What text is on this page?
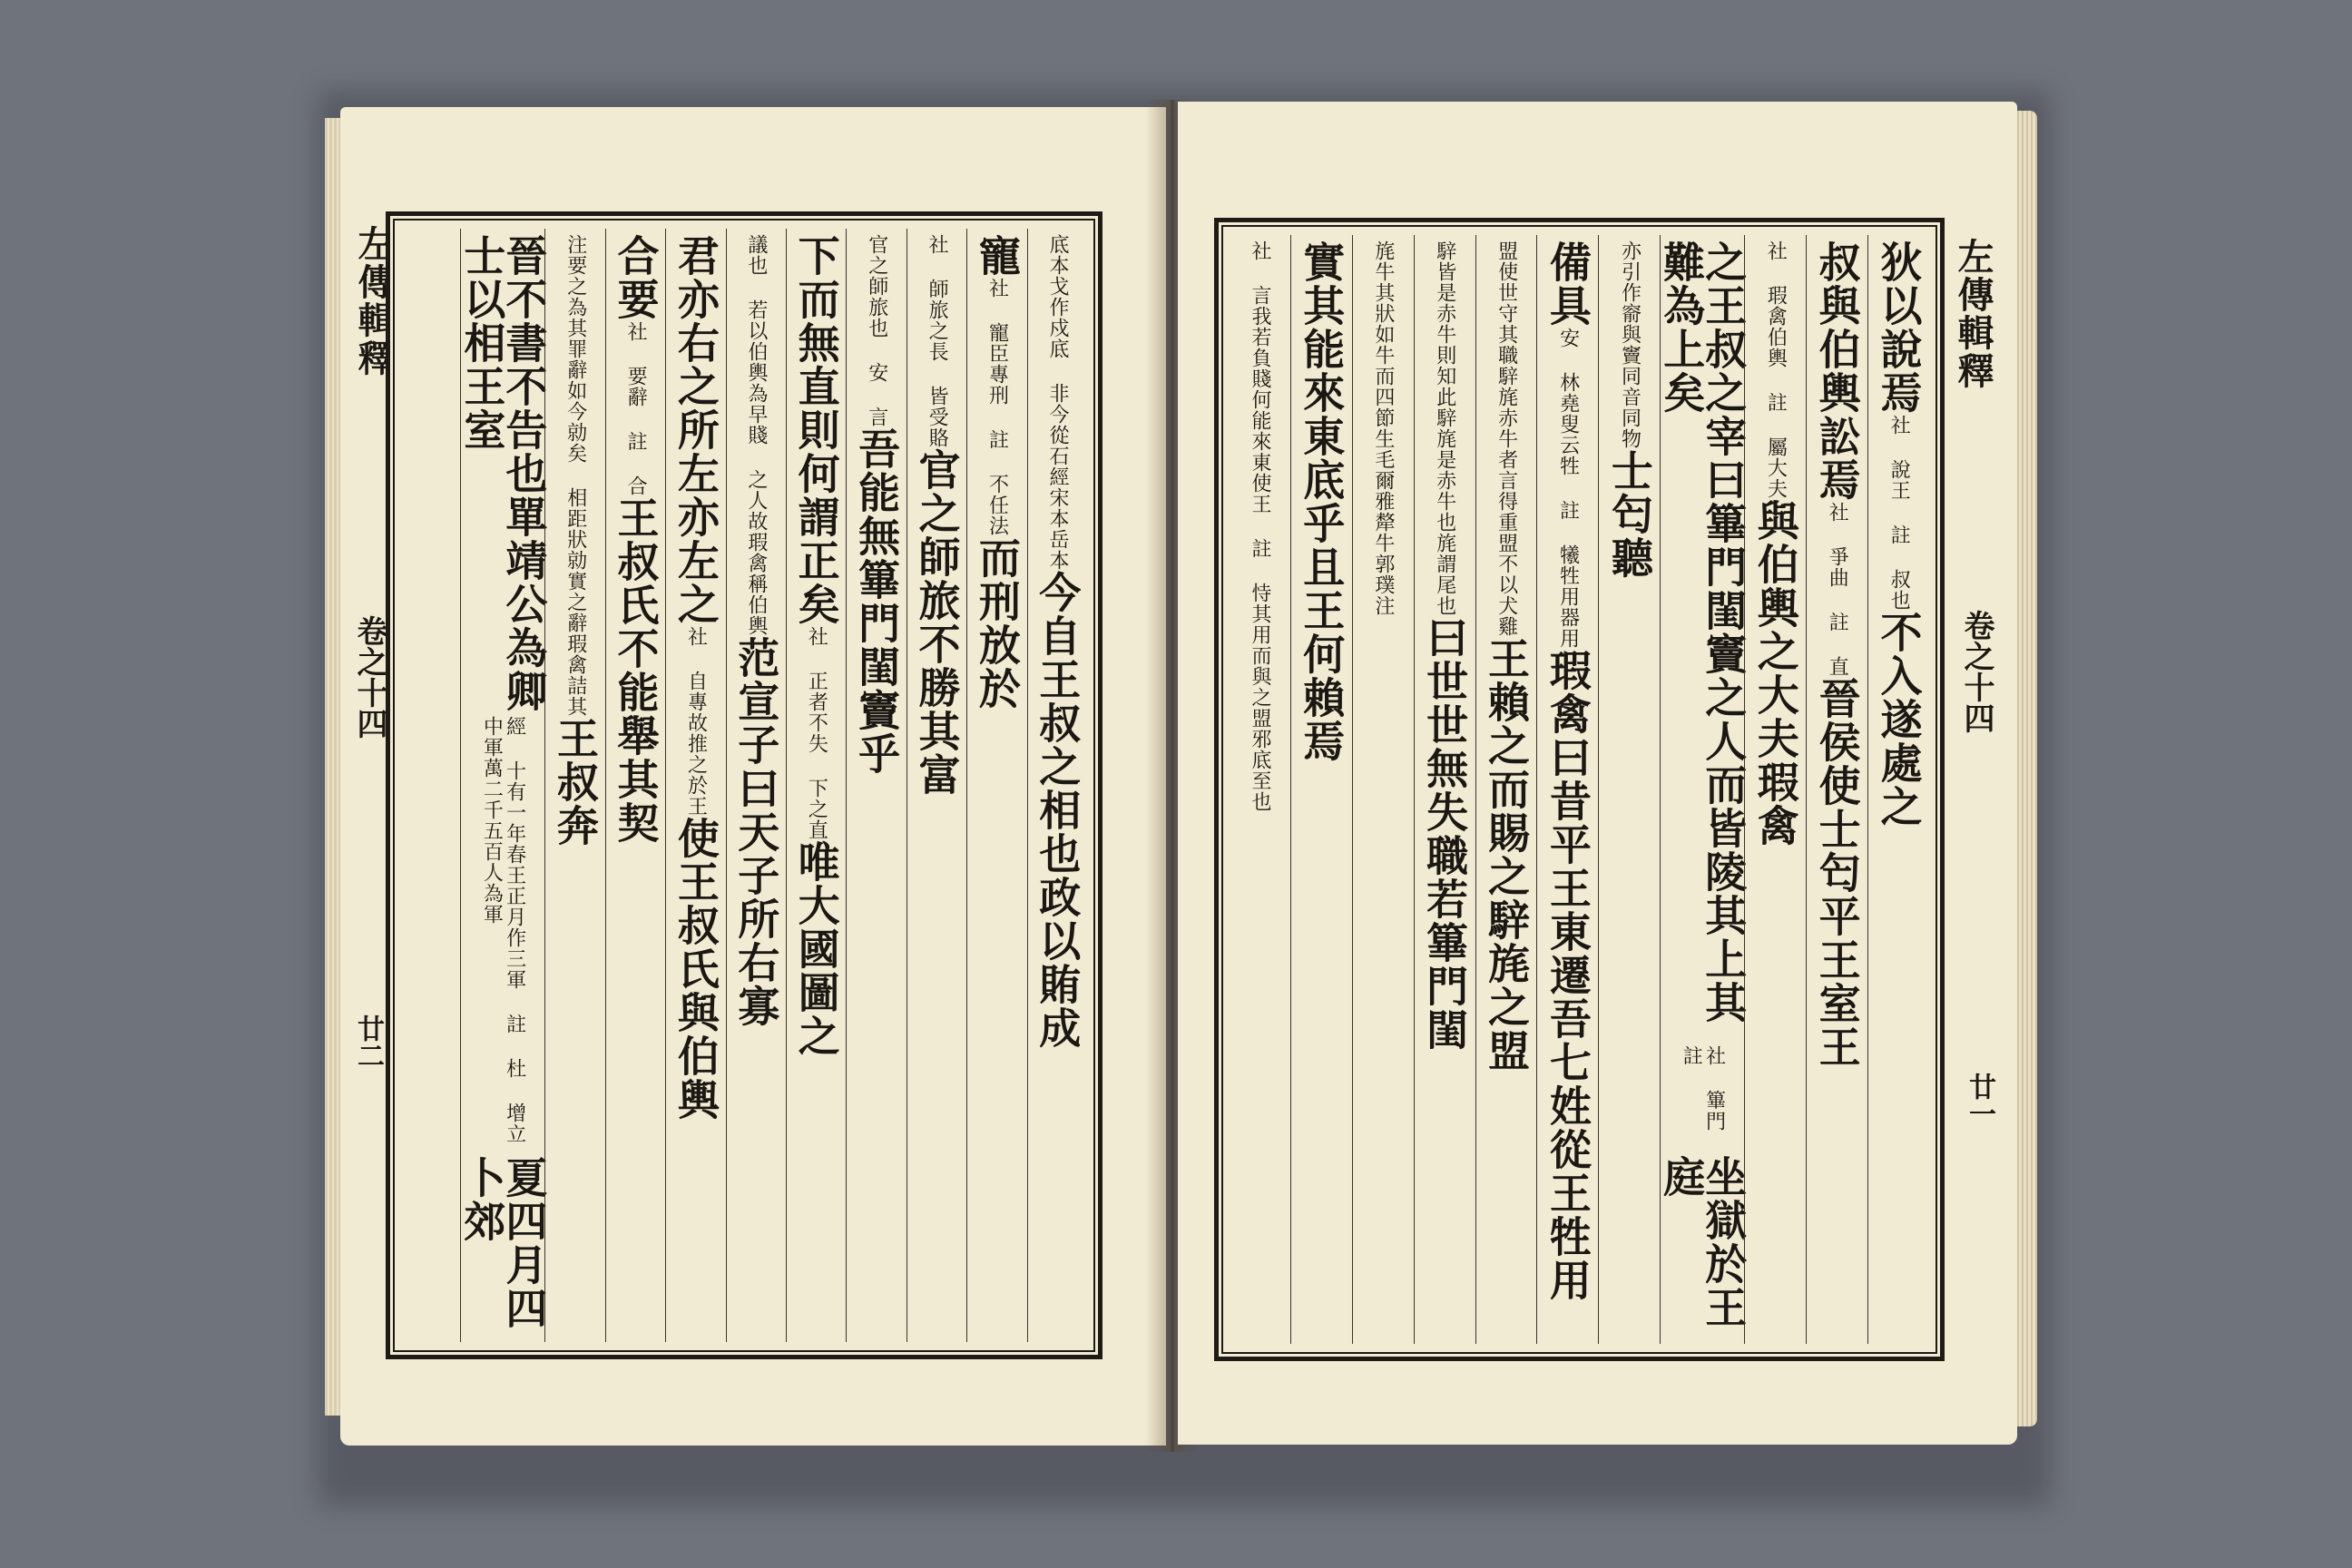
左傳輯釋
卷之十四
廿二
底本戈作戍底 非今從石經宋本岳本
今自王叔之相也政以賄成
寵
社 寵臣專刑 註 不任法
而刑放於
社 師旅之長 皆受賂
官之師旅不勝其富
官之師旅也 安 言
吾能無篳門閨竇乎
下而無直則何謂正矣
社 正者不失 下之直
唯大國圖之
議也 若以伯輿為早賤 之人故瑕禽稱伯輿
范宣子曰天子所右寡
君亦右之所左亦左之
社 自專故推之於王
使王叔氏與伯輿
合要
社 要辭 註 合
王叔氏不能舉其契
注要之為其罪辭如今勍矣 相距狀勍實之辭瑕禽詰其
王叔奔
晉不書不告也單靖公為卿士以相王室
經 十有一年春王正月作三軍 註 杜 增立中軍萬二千五百人為軍
夏四月四卜郊
左傳輯釋
卷之十四
廿一
狄以說焉
社 說王 註 叔也
不入遂處之
叔與伯輿訟焉
社 爭曲 註 直
晉侯使士匄平王室王
社 瑕禽伯輿 註 屬大夫
與伯輿之大夫瑕禽
之王叔之宰曰篳門閨竇之人而皆陵其上其難為上矣
社 篳門 註
坐獄於王庭
亦引作窬與竇同音同物
士匄聽
備具
安 林堯叟云牲 註 犧牲用器用
瑕禽曰昔平王東遷吾七姓從王牲用
盟使世守其職騂旄赤牛者言得重盟不以犬雞
王賴之而賜之騂旄之盟
騂皆是赤牛則知此騂旄是赤牛也旄謂尾也
曰世世無失職若篳門閨
旄牛其狀如牛而四節生毛爾雅犛牛郭璞注
實其能來東底乎且王何賴焉
社 言我若負賤何能來東使王 註 恃其用而與之盟邪底至也
